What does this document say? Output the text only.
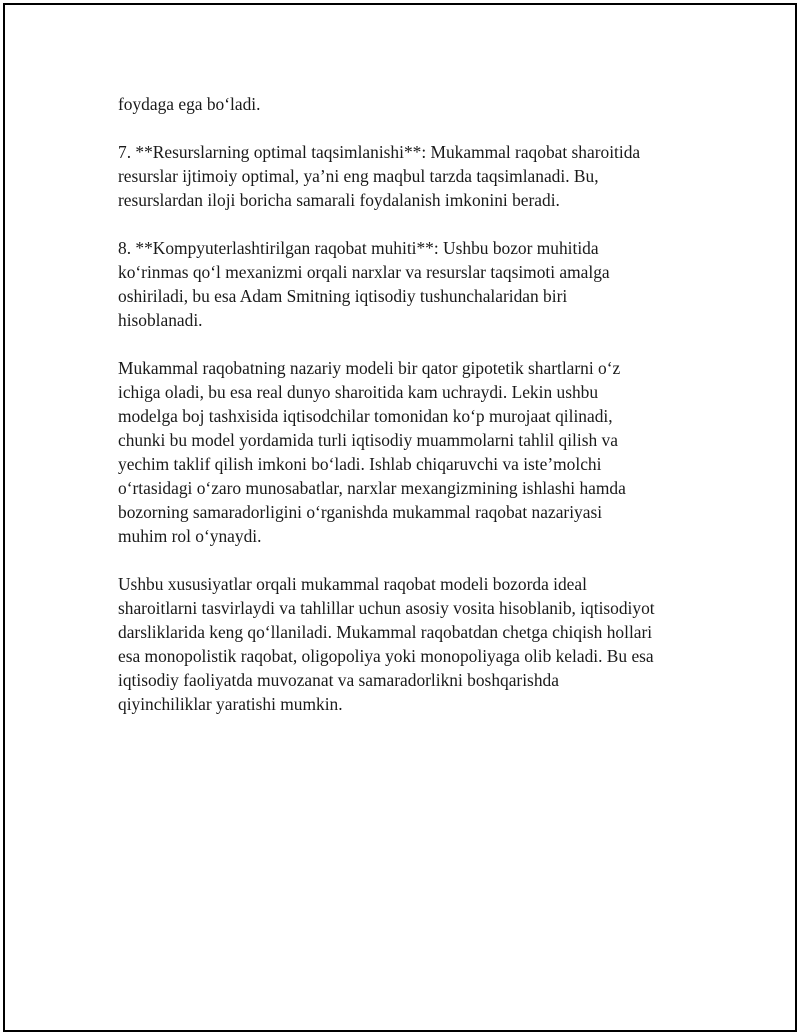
foydaga ega boʻladi.
7. **Resurslarning optimal taqsimlanishi**: Mukammal raqobat sharoitida
resurslar ijtimoiy optimal, ya’ni eng maqbul tarzda taqsimlanadi. Bu,
resurslardan iloji boricha samarali foydalanish imkonini beradi.
8. **Kompyuterlashtirilgan raqobat muhiti**: Ushbu bozor muhitida
koʻrinmas qoʻl mexanizmi orqali narxlar va resurslar taqsimoti amalga
oshiriladi, bu esa Adam Smitning iqtisodiy tushunchalaridan biri
hisoblanadi.
Mukammal raqobatning nazariy modeli bir qator gipotetik shartlarni oʻz
ichiga oladi, bu esa real dunyo sharoitida kam uchraydi. Lekin ushbu
modelga boj tashxisida iqtisodchilar tomonidan koʻp murojaat qilinadi,
chunki bu model yordamida turli iqtisodiy muammolarni tahlil qilish va
yechim taklif qilish imkoni boʻladi. Ishlab chiqaruvchi va iste’molchi
oʻrtasidagi oʻzaro munosabatlar, narxlar mexangizmining ishlashi hamda
bozorning samaradorligini oʻrganishda mukammal raqobat nazariyasi
muhim rol oʻynaydi.
Ushbu xususiyatlar orqali mukammal raqobat modeli bozorda ideal
sharoitlarni tasvirlaydi va tahlillar uchun asosiy vosita hisoblanib, iqtisodiyot
darsliklarida keng qoʻllaniladi. Mukammal raqobatdan chetga chiqish hollari
esa monopolistik raqobat, oligopoliya yoki monopoliyaga olib keladi. Bu esa
iqtisodiy faoliyatda muvozanat va samaradorlikni boshqarishda
qiyinchiliklar yaratishi mumkin.
